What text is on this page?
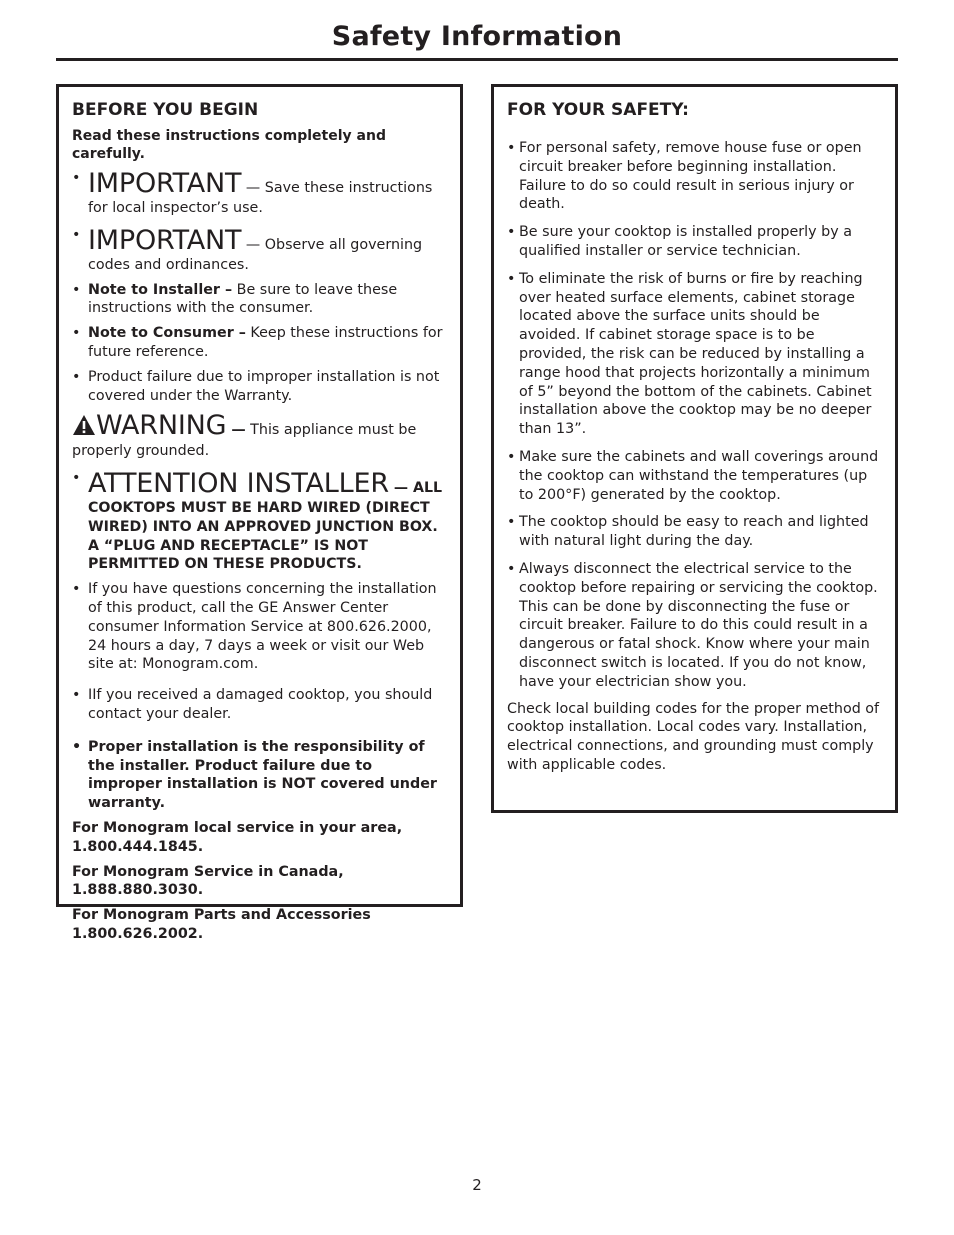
Safety Information
BEFORE YOU BEGIN
Read these instructions completely and carefully.
• IMPORTANT — Save these instructions for local inspector’s use.
• IMPORTANT — Observe all governing codes and ordinances.
• Note to Installer – Be sure to leave these instructions with the consumer.
• Note to Consumer – Keep these instructions for future reference.
• Product failure due to improper installation is not covered under the Warranty.
WARNING — This appliance must be properly grounded.
• ATTENTION INSTALLER — ALL
COOKTOPS MUST BE HARD WIRED (DIRECT WIRED) INTO AN APPROVED JUNCTION BOX. A “PLUG AND RECEPTACLE” IS NOT PERMITTED ON THESE PRODUCTS.
• If you have questions concerning the installation of this product, call the GE Answer Center consumer Information Service at 800.626.2000, 24 hours a day, 7 days a week or visit our Web site at: Monogram.com.
• IIf you received a damaged cooktop, you should contact your dealer.
• Proper installation is the responsibility of the installer. Product failure due to improper installation is NOT covered under warranty.
For Monogram local service in your area, 1.800.444.1845.
For Monogram Service in Canada, 1.888.880.3030.
For Monogram Parts and Accessories 1.800.626.2002.
FOR YOUR SAFETY:
• For personal safety, remove house fuse or open circuit breaker before beginning installation. Failure to do so could result in serious injury or death.
• Be sure your cooktop is installed properly by a qualified installer or service technician.
• To eliminate the risk of burns or fire by reaching over heated surface elements, cabinet storage located above the surface units should be avoided. If cabinet storage space is to be provided, the risk can be reduced by installing a range hood that projects horizontally a minimum of 5” beyond the bottom of the cabinets. Cabinet installation above the cooktop may be no deeper than 13”.
• Make sure the cabinets and wall coverings around the cooktop can withstand the temperatures (up to 200°F) generated by the cooktop.
• The cooktop should be easy to reach and lighted with natural light during the day.
• Always disconnect the electrical service to the cooktop before repairing or servicing the cooktop. This can be done by disconnecting the fuse or circuit breaker. Failure to do this could result in a dangerous or fatal shock. Know where your main disconnect switch is located. If you do not know, have your electrician show you.
Check local building codes for the proper method of cooktop installation. Local codes vary. Installation, electrical connections, and grounding must comply with applicable codes.
2
